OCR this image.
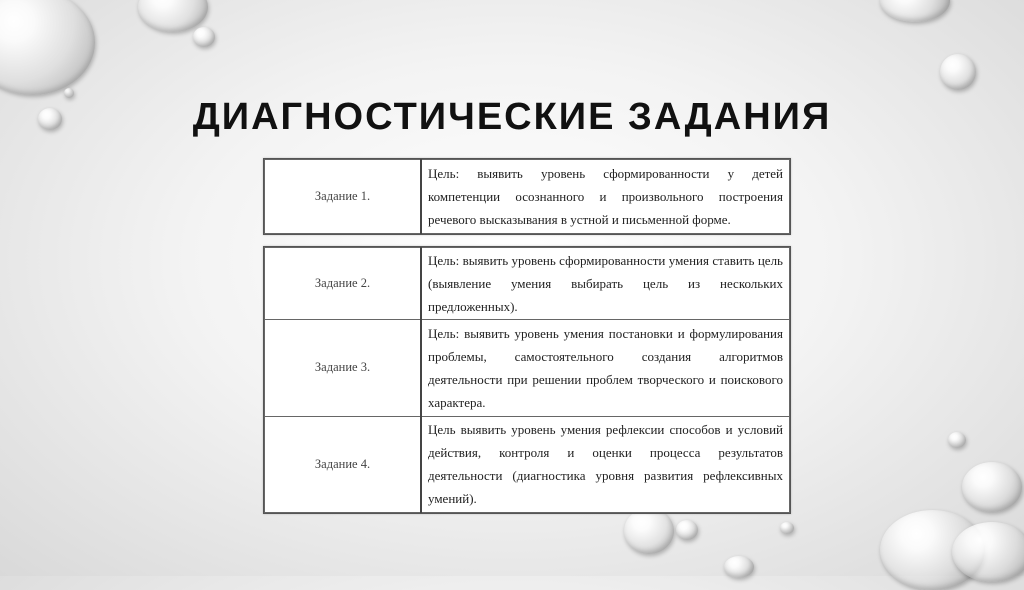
ДИАГНОСТИЧЕСКИЕ ЗАДАНИЯ
Задание 1.	Цель: выявить уровень сформированности у детей компетенции осознанного и произвольного построения речевого высказывания в устной и письменной форме.
Задание 2.	Цель: выявить уровень сформированности умения ставить цель (выявление умения выбирать цель из нескольких предложенных).
Задание 3.	Цель: выявить уровень умения постановки и формулирования проблемы, самостоятельного создания алгоритмов деятельности при решении проблем творческого и поискового характера.
Задание 4.	Цель выявить уровень умения рефлексии способов и условий действия, контроля и оценки процесса результатов деятельности (диагностика уровня развития рефлексивных умений).
